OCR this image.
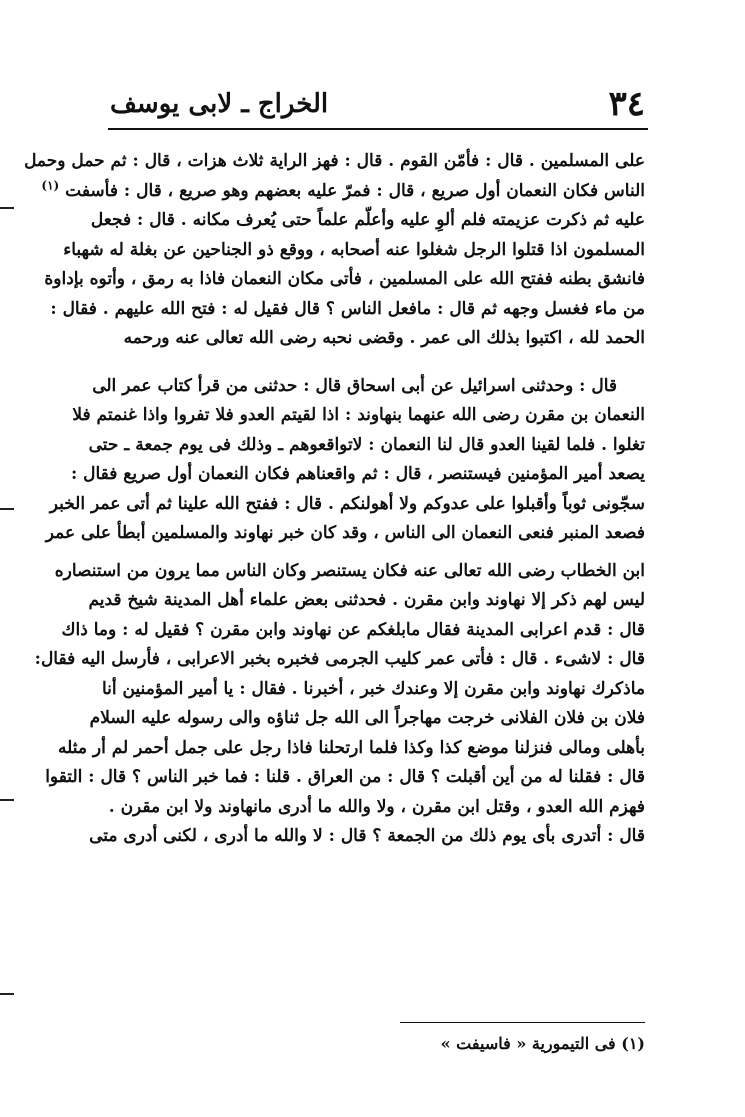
٣٤
الخراج ـ لابى يوسف
على المسلمين . قال : فأمّن القوم . قال : فهز الراية ثلاث هزات ، قال : ثم حمل وحمل
الناس فكان النعمان أول صريع ، قال : فمرّ عليه بعضهم وهو صريع ، قال : فأسفت $^{(١)}$
عليه ثم ذكرت عزيمته فلم ألوِ عليه وأعلّم علماً حتى يُعرف مكانه . قال : فجعل
المسلمون اذا قتلوا الرجل شغلوا عنه أصحابه ، ووقع ذو الجناحين عن بغلة له شهباء
فانشق بطنه ففتح الله على المسلمين ، فأتى مكان النعمان فاذا به رمق ، وأتوه بإداوة
من ماء فغسل وجهه ثم قال : مافعل الناس ؟ قال فقيل له : فتح الله عليهم . فقال :
الحمد لله ، اكتبوا بذلك الى عمر . وقضى نحبه رضى الله تعالى عنه ورحمه
قال : وحدثنى اسرائيل عن أبى اسحاق قال : حدثنى من قرأ كتاب عمر الى
النعمان بن مقرن رضى الله عنهما بنهاوند : اذا لقيتم العدو فلا تفروا واذا غنمتم فلا
تغلوا . فلما لقينا العدو قال لنا النعمان : لاتواقعوهم ـ وذلك فى يوم جمعة ـ حتى
يصعد أمير المؤمنين فيستنصر ، قال : ثم واقعناهم فكان النعمان أول صريع فقال :
سجّونى ثوباً وأقبلوا على عدوكم ولا أهولنكم . قال : ففتح الله علينا ثم أتى عمر الخبر
فصعد المنبر فنعى النعمان الى الناس ، وقد كان خبر نهاوند والمسلمين أبطأ على عمر
ابن الخطاب رضى الله تعالى عنه فكان يستنصر وكان الناس مما يرون من استنصاره
ليس لهم ذكر إلا نهاوند وابن مقرن . فحدثنى بعض علماء أهل المدينة شيخ قديم
قال : قدم اعرابى المدينة فقال مابلغكم عن نهاوند وابن مقرن ؟ فقيل له : وما ذاك
قال : لاشىء . قال : فأتى عمر كليب الجرمى فخبره بخبر الاعرابى ، فأرسل اليه فقال:
ماذكرك نهاوند وابن مقرن إلا وعندك خبر ، أخبرنا . فقال : يا أمير المؤمنين أنا
فلان بن فلان الفلانى خرجت مهاجراً الى الله جل ثناؤه والى رسوله عليه السلام
بأهلى ومالى فنزلنا موضع كذا وكذا فلما ارتحلنا فاذا رجل على جمل أحمر لم أر مثله
قال : فقلنا له من أين أقبلت ؟ قال : من العراق . قلنا : فما خبر الناس ؟ قال : التقوا
فهزم الله العدو ، وقتل ابن مقرن ، ولا والله ما أدرى مانهاوند ولا ابن مقرن .
قال : أتدرى بأى يوم ذلك من الجمعة ؟ قال : لا والله ما أدرى ، لكنى أدرى متى
(١) فى التيمورية « فاسيفت »
